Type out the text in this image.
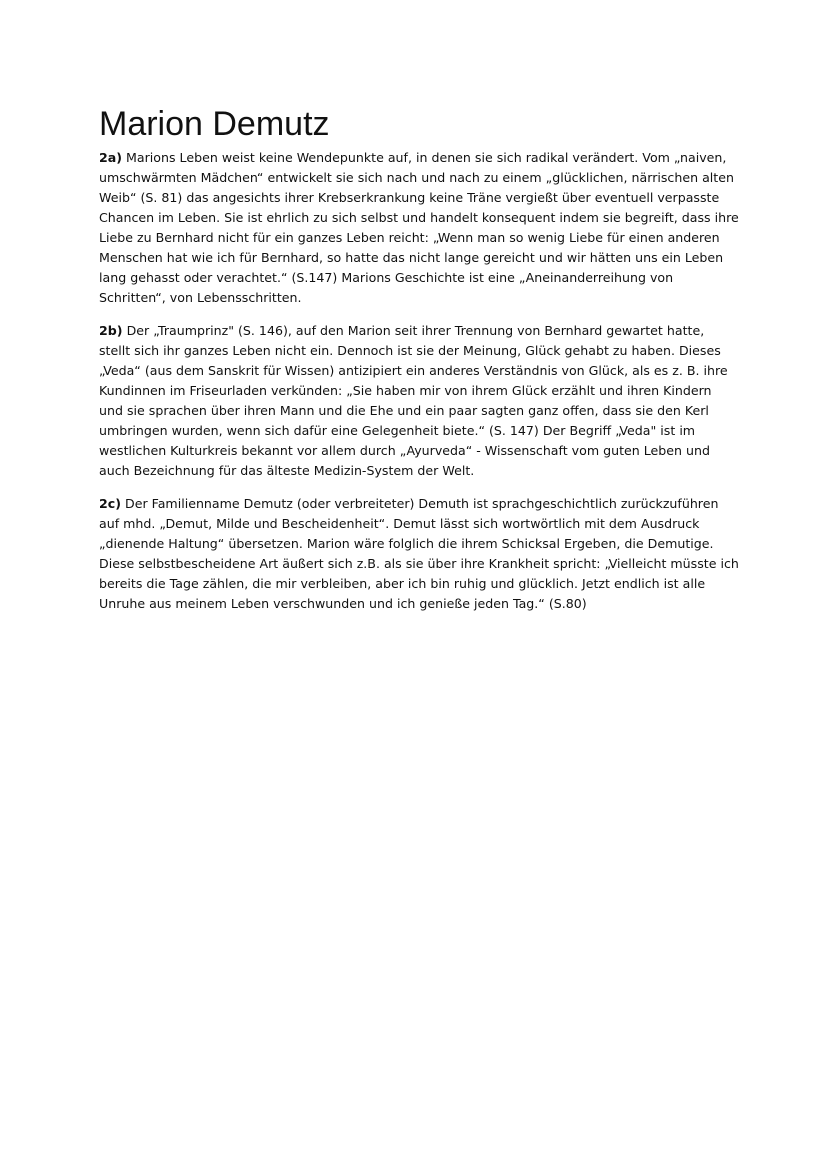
Marion Demutz

2a) Marions Leben weist keine Wendepunkte auf, in denen sie sich radikal verändert. Vom „naiven, umschwärmten Mädchen“ entwickelt sie sich nach und nach zu einem „glücklichen, närrischen alten Weib“ (S. 81) das angesichts ihrer Krebserkrankung keine Träne vergießt über eventuell verpasste Chancen im Leben. Sie ist ehrlich zu sich selbst und handelt konsequent indem sie begreift, dass ihre Liebe zu Bernhard nicht für ein ganzes Leben reicht: „Wenn man so wenig Liebe für einen anderen Menschen hat wie ich für Bernhard, so hatte das nicht lange gereicht und wir hätten uns ein Leben lang gehasst oder verachtet.“ (S.147) Marions Geschichte ist eine „Aneinanderreihung von Schritten“, von Lebensschritten.

2b) Der „Traumprinz" (S. 146), auf den Marion seit ihrer Trennung von Bernhard gewartet hatte, stellt sich ihr ganzes Leben nicht ein. Dennoch ist sie der Meinung, Glück gehabt zu haben. Dieses „Veda“ (aus dem Sanskrit für Wissen) antizipiert ein anderes Verständnis von Glück, als es z. B. ihre Kundinnen im Friseurladen verkünden: „Sie haben mir von ihrem Glück erzählt und ihren Kindern und sie sprachen über ihren Mann und die Ehe und ein paar sagten ganz offen, dass sie den Kerl umbringen wurden, wenn sich dafür eine Gelegenheit biete.“ (S. 147) Der Begriff „Veda" ist im westlichen Kulturkreis bekannt vor allem durch „Ayurveda“ - Wissenschaft vom guten Leben und auch Bezeichnung für das älteste Medizin-System der Welt.

2c) Der Familienname Demutz (oder verbreiteter) Demuth ist sprachgeschichtlich zurückzuführen auf mhd. „Demut, Milde und Bescheidenheit“. Demut lässt sich wortwörtlich mit dem Ausdruck „dienende Haltung“ übersetzen. Marion wäre folglich die ihrem Schicksal Ergeben, die Demutige. Diese selbstbescheidene Art äußert sich z.B. als sie über ihre Krankheit spricht: „Vielleicht müsste ich bereits die Tage zählen, die mir verbleiben, aber ich bin ruhig und glücklich. Jetzt endlich ist alle Unruhe aus meinem Leben verschwunden und ich genieße jeden Tag.“ (S.80)
